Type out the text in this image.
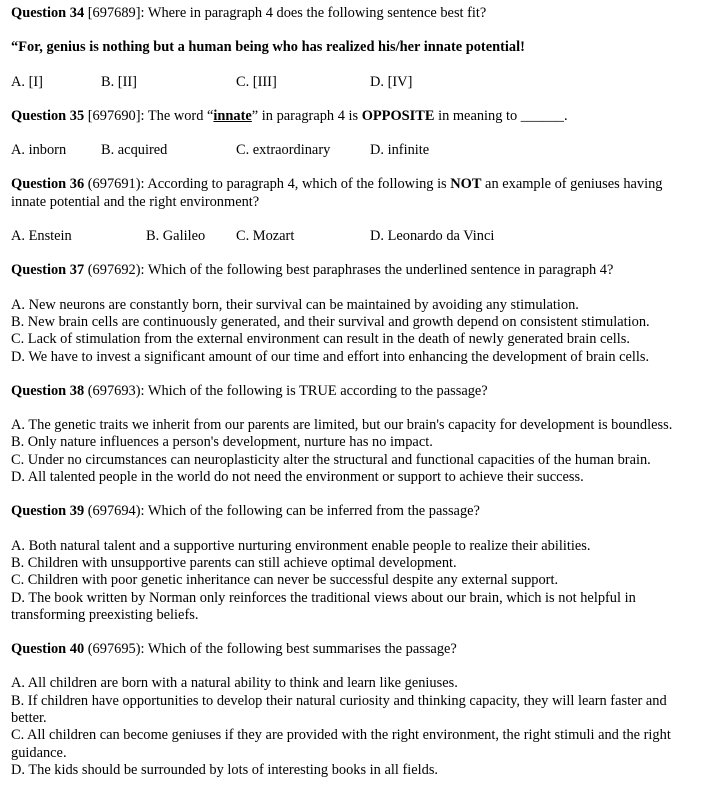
Question 34 [697689]: Where in paragraph 4 does the following sentence best fit?
“For, genius is nothing but a human being who has realized his/her innate potential!
A. [I]	B. [II]	C. [III]	D. [IV]
Question 35 [697690]: The word “innate” in paragraph 4 is OPPOSITE in meaning to ______.
A. inborn	B. acquired	C. extraordinary	D. infinite
Question 36 (697691): According to paragraph 4, which of the following is NOT an example of geniuses having innate potential and the right environment?
A. Enstein	B. Galileo	C. Mozart	D. Leonardo da Vinci
Question 37 (697692): Which of the following best paraphrases the underlined sentence in paragraph 4?
A. New neurons are constantly born, their survival can be maintained by avoiding any stimulation.
B. New brain cells are continuously generated, and their survival and growth depend on consistent stimulation.
C. Lack of stimulation from the external environment can result in the death of newly generated brain cells.
D. We have to invest a significant amount of our time and effort into enhancing the development of brain cells.
Question 38 (697693): Which of the following is TRUE according to the passage?
A. The genetic traits we inherit from our parents are limited, but our brain's capacity for development is boundless.
B. Only nature influences a person's development, nurture has no impact.
C. Under no circumstances can neuroplasticity alter the structural and functional capacities of the human brain.
D. All talented people in the world do not need the environment or support to achieve their success.
Question 39 (697694): Which of the following can be inferred from the passage?
A. Both natural talent and a supportive nurturing environment enable people to realize their abilities.
B. Children with unsupportive parents can still achieve optimal development.
C. Children with poor genetic inheritance can never be successful despite any external support.
D. The book written by Norman only reinforces the traditional views about our brain, which is not helpful in transforming preexisting beliefs.
Question 40 (697695): Which of the following best summarises the passage?
A. All children are born with a natural ability to think and learn like geniuses.
B. If children have opportunities to develop their natural curiosity and thinking capacity, they will learn faster and better.
C. All children can become geniuses if they are provided with the right environment, the right stimuli and the right guidance.
D. The kids should be surrounded by lots of interesting books in all fields.
